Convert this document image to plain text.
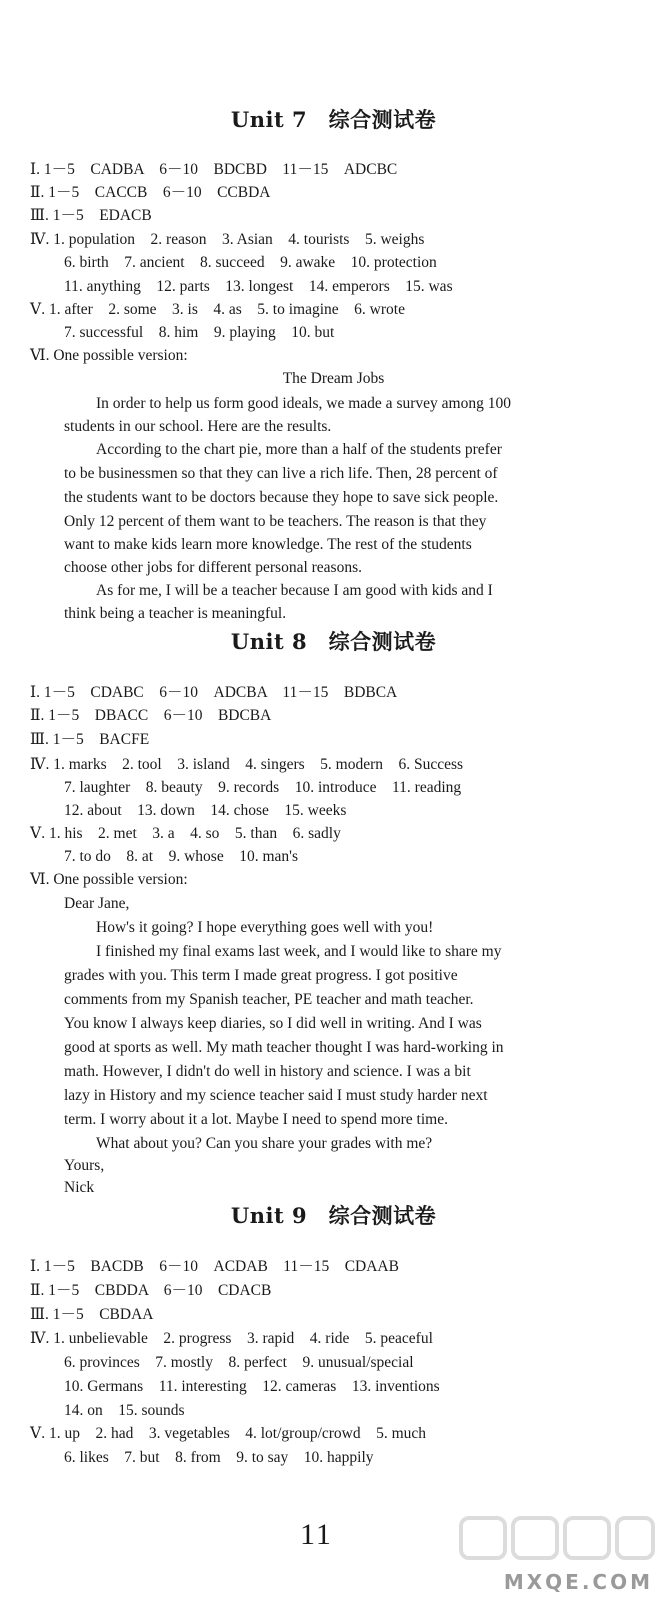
Unit 7　综合测试卷
Ⅰ. 1－5　CADBA　6－10　BDCBD　11－15　ADCBC
Ⅱ. 1－5　CACCB　6－10　CCBDA
Ⅲ. 1－5　EDACB
Ⅳ. 1. population　2. reason　3. Asian　4. tourists　5. weighs
6. birth　7. ancient　8. succeed　9. awake　10. protection
11. anything　12. parts　13. longest　14. emperors　15. was
Ⅴ. 1. after　2. some　3. is　4. as　5. to imagine　6. wrote
7. successful　8. him　9. playing　10. but
Ⅵ. One possible version:
The Dream Jobs
In order to help us form good ideals, we made a survey among 100
students in our school. Here are the results.
According to the chart pie, more than a half of the students prefer
to be businessmen so that they can live a rich life. Then, 28 percent of
the students want to be doctors because they hope to save sick people.
Only 12 percent of them want to be teachers. The reason is that they
want to make kids learn more knowledge. The rest of the students
choose other jobs for different personal reasons.
As for me, I will be a teacher because I am good with kids and I
think being a teacher is meaningful.
Unit 8　综合测试卷
Ⅰ. 1－5　CDABC　6－10　ADCBA　11－15　BDBCA
Ⅱ. 1－5　DBACC　6－10　BDCBA
Ⅲ. 1－5　BACFE
Ⅳ. 1. marks　2. tool　3. island　4. singers　5. modern　6. Success
7. laughter　8. beauty　9. records　10. introduce　11. reading
12. about　13. down　14. chose　15. weeks
Ⅴ. 1. his　2. met　3. a　4. so　5. than　6. sadly
7. to do　8. at　9. whose　10. man's
Ⅵ. One possible version:
Dear Jane,
How's it going? I hope everything goes well with you!
I finished my final exams last week, and I would like to share my
grades with you. This term I made great progress. I got positive
comments from my Spanish teacher, PE teacher and math teacher.
You know I always keep diaries, so I did well in writing. And I was
good at sports as well. My math teacher thought I was hard-working in
math. However, I didn't do well in history and science. I was a bit
lazy in History and my science teacher said I must study harder next
term. I worry about it a lot. Maybe I need to spend more time.
What about you? Can you share your grades with me?
Yours,
Nick
Unit 9　综合测试卷
Ⅰ. 1－5　BACDB　6－10　ACDAB　11－15　CDAAB
Ⅱ. 1－5　CBDDA　6－10　CDACB
Ⅲ. 1－5　CBDAA
Ⅳ. 1. unbelievable　2. progress　3. rapid　4. ride　5. peaceful
6. provinces　7. mostly　8. perfect　9. unusual/special
10. Germans　11. interesting　12. cameras　13. inventions
14. on　15. sounds
Ⅴ. 1. up　2. had　3. vegetables　4. lot/group/crowd　5. much
6. likes　7. but　8. from　9. to say　10. happily
11
MXQE.COM
